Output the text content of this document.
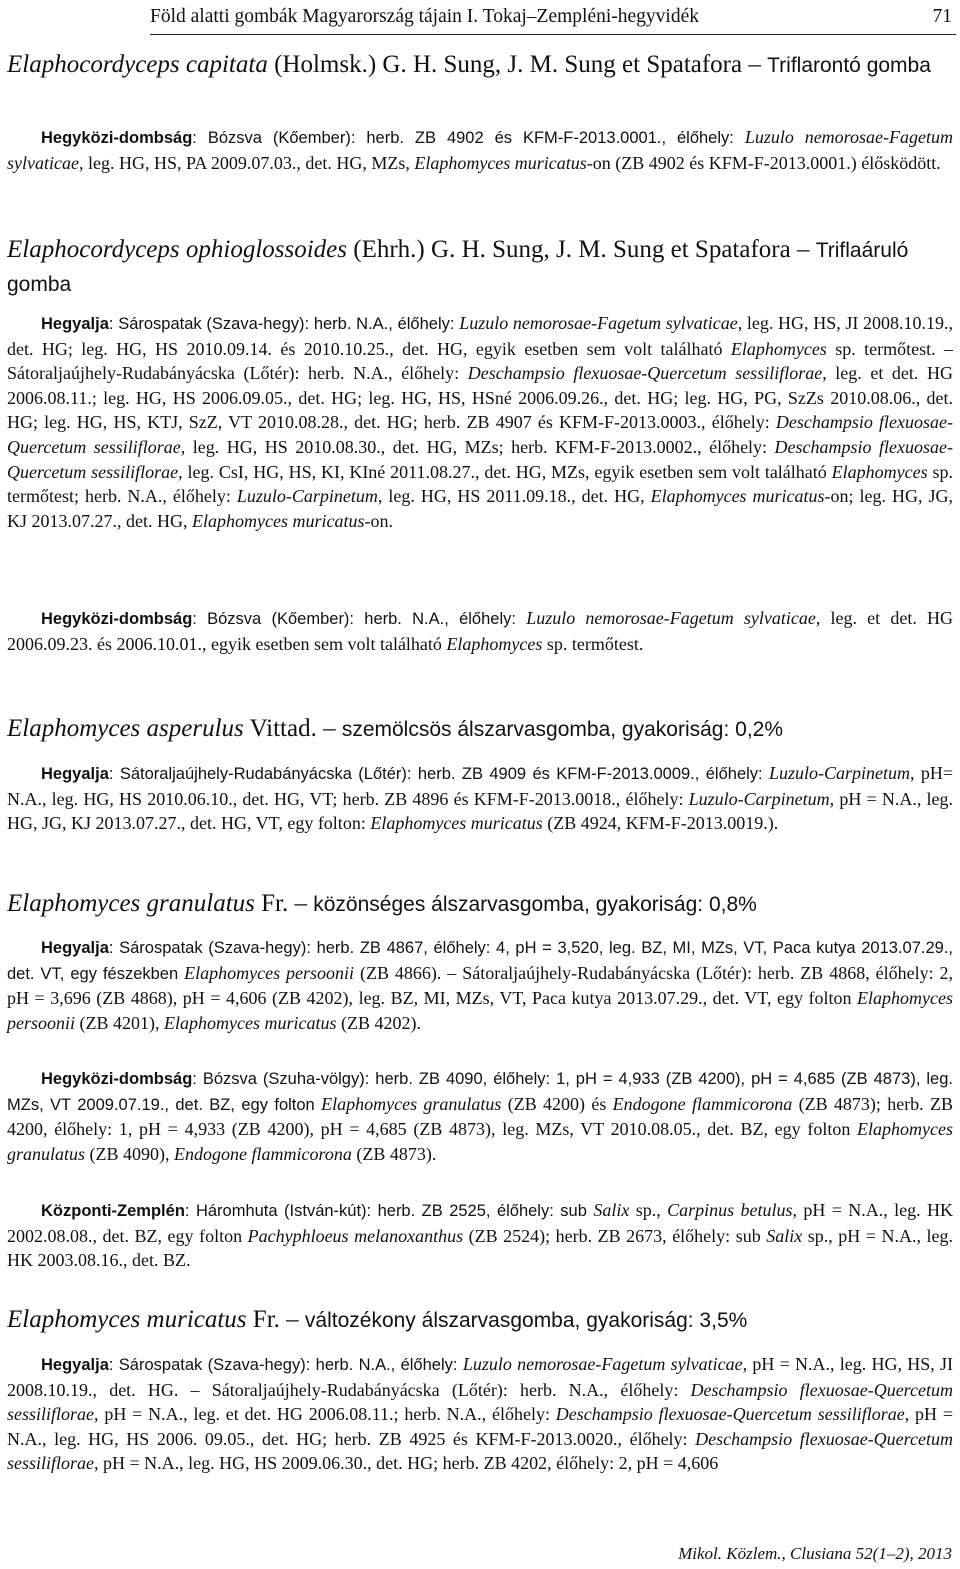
Föld alatti gombák Magyarország tájain I. Tokaj–Zempléni-hegyvidék	71
Elaphocordyceps capitata (Holmsk.) G. H. Sung, J. M. Sung et Spatafora – Triflarontó gomba
Hegyközi-dombság: Bózsva (Kőember): herb. ZB 4902 és KFM-F-2013.0001., élőhely: Luzulo nemorosae-Fagetum sylvaticae, leg. HG, HS, PA 2009.07.03., det. HG, MZs, Elaphomyces muricatus-on (ZB 4902 és KFM-F-2013.0001.) élősködött.
Elaphocordyceps ophioglossoides (Ehrh.) G. H. Sung, J. M. Sung et Spatafora – Triflaáruló gomba
Hegyalja: Sárospatak (Szava-hegy): herb. N.A., élőhely: Luzulo nemorosae-Fagetum sylvaticae, leg. HG, HS, JI 2008.10.19., det. HG; leg. HG, HS 2010.09.14. és 2010.10.25., det. HG, egyik esetben sem volt található Elaphomyces sp. termőtest. – Sátoraljaújhely-Rudabányácska (Lőtér): herb. N.A., élőhely: Deschampsio flexuosae-Quercetum sessiliflorae, leg. et det. HG 2006.08.11.; leg. HG, HS 2006.09.05., det. HG; leg. HG, HS, HSné 2006.09.26., det. HG; leg. HG, PG, SzZs 2010.08.06., det. HG; leg. HG, HS, KTJ, SzZ, VT 2010.08.28., det. HG; herb. ZB 4907 és KFM-F-2013.0003., élőhely: Deschampsio flexuosae-Quercetum sessiliflorae, leg. HG, HS 2010.08.30., det. HG, MZs; herb. KFM-F-2013.0002., élőhely: Deschampsio flexuosae-Quercetum sessiliflorae, leg. CsI, HG, HS, KI, KIné 2011.08.27., det. HG, MZs, egyik esetben sem volt található Elaphomyces sp. termőtest; herb. N.A., élőhely: Luzulo-Carpinetum, leg. HG, HS 2011.09.18., det. HG, Elaphomyces muricatus-on; leg. HG, JG, KJ 2013.07.27., det. HG, Elaphomyces muricatus-on.
Hegyközi-dombság: Bózsva (Kőember): herb. N.A., élőhely: Luzulo nemorosae-Fagetum sylvaticae, leg. et det. HG 2006.09.23. és 2006.10.01., egyik esetben sem volt található Elaphomyces sp. termőtest.
Elaphomyces asperulus Vittad. – szemölcsös álszarvasgomba, gyakoriság: 0,2%
Hegyalja: Sátoraljaújhely-Rudabányácska (Lőtér): herb. ZB 4909 és KFM-F-2013.0009., élőhely: Luzulo-Carpinetum, pH= N.A., leg. HG, HS 2010.06.10., det. HG, VT; herb. ZB 4896 és KFM-F-2013.0018., élőhely: Luzulo-Carpinetum, pH = N.A., leg. HG, JG, KJ 2013.07.27., det. HG, VT, egy folton: Elaphomyces muricatus (ZB 4924, KFM-F-2013.0019.).
Elaphomyces granulatus Fr. – közönséges álszarvasgomba, gyakoriság: 0,8%
Hegyalja: Sárospatak (Szava-hegy): herb. ZB 4867, élőhely: 4, pH = 3,520, leg. BZ, MI, MZs, VT, Paca kutya 2013.07.29., det. VT, egy fészekben Elaphomyces persoonii (ZB 4866). – Sátoraljaújhely-Rudabányácska (Lőtér): herb. ZB 4868, élőhely: 2, pH = 3,696 (ZB 4868), pH = 4,606 (ZB 4202), leg. BZ, MI, MZs, VT, Paca kutya 2013.07.29., det. VT, egy folton Elaphomyces persoonii (ZB 4201), Elaphomyces muricatus (ZB 4202).
Hegyközi-dombság: Bózsva (Szuha-völgy): herb. ZB 4090, élőhely: 1, pH = 4,933 (ZB 4200), pH = 4,685 (ZB 4873), leg. MZs, VT 2009.07.19., det. BZ, egy folton Elaphomyces granulatus (ZB 4200) és Endogone flammicorona (ZB 4873); herb. ZB 4200, élőhely: 1, pH = 4,933 (ZB 4200), pH = 4,685 (ZB 4873), leg. MZs, VT 2010.08.05., det. BZ, egy folton Elaphomyces granulatus (ZB 4090), Endogone flammicorona (ZB 4873).
Központi-Zemplén: Háromhuta (István-kút): herb. ZB 2525, élőhely: sub Salix sp., Carpinus betulus, pH = N.A., leg. HK 2002.08.08., det. BZ, egy folton Pachyphloeus melanoxanthus (ZB 2524); herb. ZB 2673, élőhely: sub Salix sp., pH = N.A., leg. HK 2003.08.16., det. BZ.
Elaphomyces muricatus Fr. – változékony álszarvasgomba, gyakoriság: 3,5%
Hegyalja: Sárospatak (Szava-hegy): herb. N.A., élőhely: Luzulo nemorosae-Fagetum sylvaticae, pH = N.A., leg. HG, HS, JI 2008.10.19., det. HG. – Sátoraljaújhely-Rudabányácska (Lőtér): herb. N.A., élőhely: Deschampsio flexuosae-Quercetum sessiliflorae, pH = N.A., leg. et det. HG 2006.08.11.; herb. N.A., élőhely: Deschampsio flexuosae-Quercetum sessiliflorae, pH = N.A., leg. HG, HS 2006. 09.05., det. HG; herb. ZB 4925 és KFM-F-2013.0020., élőhely: Deschampsio flexuosae-Quercetum sessiliflorae, pH = N.A., leg. HG, HS 2009.06.30., det. HG; herb. ZB 4202, élőhely: 2, pH = 4,606
Mikol. Közlem., Clusiana 52(1–2), 2013
